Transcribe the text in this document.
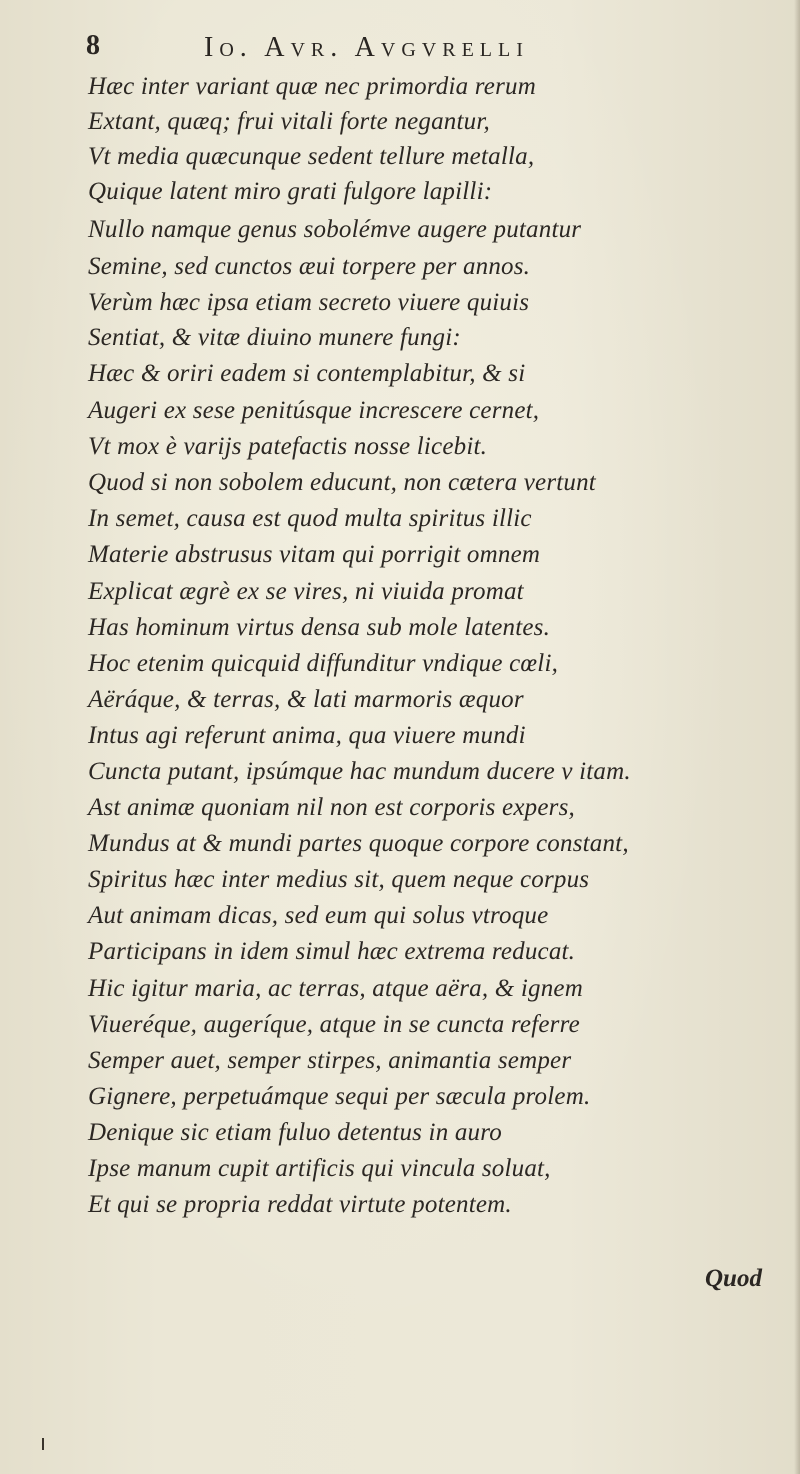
8	Io. Avr. Avgvrelli
Hæc inter variant quæ nec primordia rerum
Extant, quæq; frui vitali forte negantur,
Vt media quæcunque sedent tellure metalla,
Quique latent miro grati fulgore lapilli:
Nullo namque genus sobolémve augere putantur
Semine, sed cunctos æui torpere per annos.
Verùm hæc ipsa etiam secreto viuere quiuis
Sentiat, & vitæ diuino munere fungi:
Hæc & oriri eadem si contemplabitur, & si
Augeri ex sese penitúsque increscere cernet,
Vt mox è varijs patefactis nosse licebit.
Quod si non sobolem educunt, non cætera vertunt
In semet, causa est quod multa spiritus illic
Materie abstrusus vitam qui porrigit omnem
Explicat ægrè ex se vires, ni viuida promat
Has hominum virtus densa sub mole latentes.
Hoc etenim quicquid diffunditur vndique cœli,
Aëráque, & terras, & lati marmoris æquor
Intus agi referunt anima, qua viuere mundi
Cuncta putant, ipsúmque hac mundum ducere v itam.
Ast animæ quoniam nil non est corporis expers,
Mundus at & mundi partes quoque corpore constant,
Spiritus hæc inter medius sit, quem neque corpus
Aut animam dicas, sed eum qui solus vtroque
Participans in idem simul hæc extrema reducat.
Hic igitur maria, ac terras, atque aëra, & ignem
Viueréque, augeríque, atque in se cuncta referre
Semper auet, semper stirpes, animantia semper
Gignere, perpetuámque sequi per sæcula prolem.
Denique sic etiam fuluo detentus in auro
Ipse manum cupit artificis qui vincula soluat,
Et qui se propria reddat virtute potentem.
Quod
